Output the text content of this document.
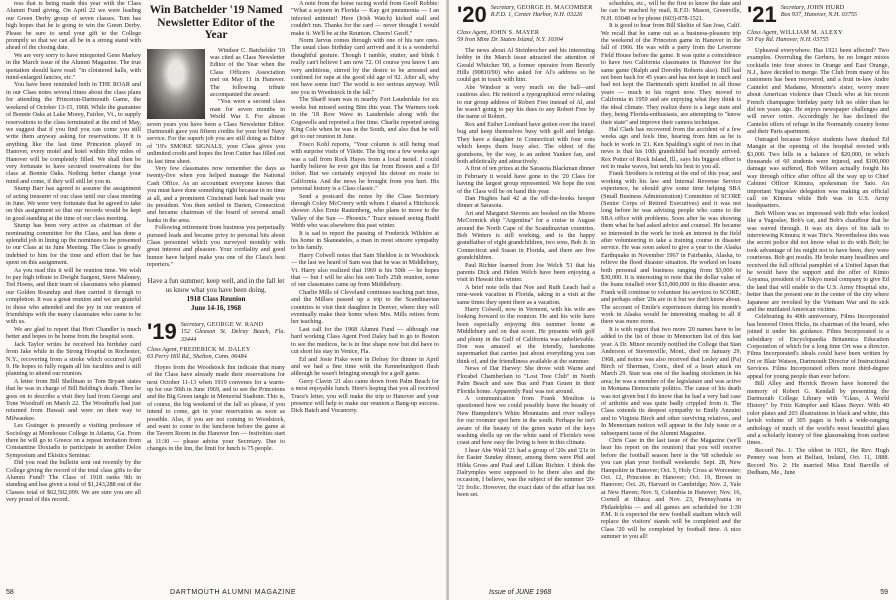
ress that is being made this year with the Class Alumni Fund giving. On April 22 we were leading our Green Derby group of seven classes. Tom has high hopes that he is going to win the Green Derby. Please be sure to send your gift to the College promptly so that we can all be in a strong stand with ahead of the closing date.

We are very sorry to have misquoted Gene Markey in the March issue of the Alumni Magazine. The true quotation should have read: "in cloistered halls, with mind-enlarged fancies, etc."

You have been reminded both in THE ROAR and in our Class notes several times about the class plans for attending the Princeton-Dartmouth Game, the weekend of October 13-15, 1968. While the guarantee of Bonnie Oaks at Lake Morey, Fairlee, Vt., to supply reservations to the class terminated at the end of May, we suggest that if you find you can come you still write them anyway asking for reservations. If it is anything like the last time Princeton played in Hanover, every motel and hotel within fifty miles of Hanover will be completely filled. We shall then be very fortunate to have secured reservations for the class at Bonnie Oaks. Nothing better change your mind and come, if they will still let you in.

Stump Barr has agreed to assume the assignment of acting treasurer of our class until our class meeting in June. We were very fortunate that he agreed to take on this assignment so that our records would be kept in good standing at the time of our class meeting.

Stump has been very active as chairman of the nominating committee for the Class, and has done a splendid job in lining up the nominees to be presented to our Class at its June Meeting. The Class is greatly indebted to him for the time and effort that he has spent on this assignment.

As you read this it will be reunion time. We wish to pay high tribute to Dwight Sargent, Steve Maloney, Ted Hoens, and their team of classmates who planned our Golden Roundup and then carried it through to completion. It was a great reunion and we are grateful to those who attended and the joy in our reunion of friendships with the many classmates who came to be with us.

We are glad to report that Hort Chandler is much better and hopes to be home from the hospital soon.

Jack Taylor writes he received his birthday card from Jake while in the Strong Hospital in Rochester, N.Y., recovering from a stroke which occurred April 9. He hopes to fully regain all his faculties and is still planning to attend our reunion.

A letter from Bill Shellman to Tom Bryant states that he was in charge of Bill Belding's death. Then he goes on to describe a visit they had from George and Tone Woodruff on March 22. The Woodruffs had just returned from Hawaii and were on their way to Milwaukee.

Les Grainger is presently a visiting professor of Sociology at Morehouse College in Atlanta, Ga. From there he will go to Greece on a repeat invitation from Constantine Doxiadis to participate in another Delos Symposium and Ekistics Seminar.

Did you read the bulletin sent out recently by the College giving the record of the total class gifts to the Alumni Fund? The Class of 1918 ranks 9th in standing and has given a total of $1,243,288 out of the Classes total of $62,502,099. We are sure you are all very proud of this record.

Win Batchelder '19 Named Newsletter Editor of the Year

Windsor C. Batchelder '19 was cited as Class Newsletter Editor of the Year when the Class Officers Association met on May 11 in Hanover. The following tribute accompanied the award:

"You were a second class man for seven months in World War I. For almost seven years you have been a Class Newsletter Editor. Dartmouth gave you fifteen credits for your brief Navy service. For the superb job you are still doing as Editor of '19's SMOKE SIGNALS, your Class gives you unlimited credit and hopes the Iron Cutter has filled out its last time sheet.

Very few classmates now remember the days as twenty-five when you helped manage the National Cash Office. As an accountant everyone knows that you must have done something right because in no time at all, and a prominent Cincinnati bank had made you its president. You then settled in Darien, Connecticut and became chairman of the board of several small banks in the area.

Following retirement from business you perpetually pursued leads and became privy to personal bits about Class personnel which you surveyed monthly with great interest and pleasure. Your cordiality and good humor have helped make you one of the Class's best reporters."

Have a fun summer; keep well, and in the fall let us know what you have been doing.
1918 Class Reunion
June 14-16, 1968
'19 Secretary, GEORGE W. RAND
152 Gleason St. Delray Beach, Fla. 33444
Class Agent, FREDERICK M. DALEY
63 Perry Hill Rd., Shelton, Conn. 06484

Hoyes from the Woodstock Inn indicate that many of the Class have already made their reservations for next October 11-13 when 1919 convenes for a warm-up for our 50th in June 1969, and to see the Princetons and the Big Green tangle in Memorial Stadium. This is, of course, the big weekend of the fall so please, if you intend to come, get in your reservation as soon as possible. Also, if you are not coming to Woodstock, and want to come to the luncheon before the game at the Tavern Room in the Hanover Inn — festivities start at 11:30 — please advise your Secretary. Due to changes in the Inn, the limit for lunch is 75 people.

A note from the horse racing world from Geoff Robbie: "What a sojourn in Florida — Kay got pneumonia — I an infected antimini! Here (Irish Watch) kicked stall and couldn't run. Thanks for the card — never thought I would make it. We'll be at the Reunion. Cheers! Geoff."

Norm Jarvus comes through with one of his rare ones. The usual class birthday card arrived and it is a wonderful thoughtful gesture. Though I ramble, stutter, and blink I really can't believe I am now 72. Of course you know I am very ambitious, stirred by the desire to be arrested and confined for rape at the good old age of 92. After all, why not have some fun? The world is too serious anyway. Will see you in Woodstock in the fall."

The Sharff team was in nearby Fort Lauderdale for six weeks but missed seeing Bim this year. The Warners took in the '18 Row Wave in Lauderdale along with the Cogswells and reported a fine time. Charlie reported seeing King Cole when he was in the South, and also that he will get to our reunion in June.

Fosco Kohl reports, "Your column is still being read with surprise visits of Vilette. The big one a few weeks ago was a call from Rock Hayes from a local motel. I could hardly believe he ever got this far from Boston and a DJ ticker. But we certainly enjoyed his detour en route to California. And the news he brought from you hurt. His personal history is a Class classic."

Send a postcard the notes by the Class Secretary through Coley McCreery with whom I shared a Hitchcock shower. Also Ernie Rautenberg, who plans to move to the Valley of the Sun — Phoenix." Trace missed seeing Budd Webb who was elsewhere this past winter.

It is sad to report the passing of Frederick Wilshire at his home in Skaneateles, a man in most sincere sympathy to his family.

Harry Colwell notes that Sam Sheldon is in Woodstock — the last we heard of Sam was that he was in Middlebury, Vt. Harry also realized that 1969 is his 50th — he hopes that — but I will be also his son Ted's 25th reunion, some of our classmates came up from Middlebury.

Charlie Mills of Cleveland continues teaching part time, and the Millses passed up a trip to the Scandinavian countries to visit their daughter in Denver, where they will eventually make their home when Mrs. Mills retires from her teaching.

Last call for the 1968 Alumni Fund — although our hard working Class Agent Fred Daley had to go to Boston to see the medicos, he is in fine shape now but did have to cut short his stay in Venice, Fla.

Ed and Josie Fiske were in Delray for dinner in April and we had a fine time with the Kennebunkport flush although he wasn't bringing enough for a golf game.

Gerry Clavin '21 also came down from Palm Beach for a most enjoyable lunch. Here's hoping that you all received Trace's letter, you will make the trip to Hanover and your presence will help to make our reunion a Bang-up success. Dick Batch and Vocanorry.

58	DARTMOUTH ALUMNI MAGAZINE
'20 Secretary, GEORGE H. MACOMBER
R.F.D. 1, Center Harbor, N.H. 03226
Class Agent, JOHN S. MAYER
59 Iron Mine Dr. Staten Island, N.Y. 10304

The news about Al Steinbrecher and his interesting hobby in the March issue attracted the attention of Gerald Whitcher '00, a former operator from Beverly Hills (90810/90) who asked for Al's address so he could get in touch with him.

Abe Windsor is very much on the ball—and cautious also. He noticed a typographical error relating to our group address of Robert Free instead of Al, and he wasn't going to pay his dues to any Robert Free by the name of Robert.

Rex and Esther Lombard have gotten over the travel bug and keep themselves busy with golf and bridge. They have a daughter in Connecticut with four sons which keeps them busy also. The oldest of the grandsons, by the way, is an ardent Yankee fan, and both athletically and attractively.

A first of ten prizes at the Sarasota Blackman dinner in February it would have gone to the '20 Class for having the largest group represented. We hope the rest of the Class will be on hand this year.

Dan Hughes had 42 at the off-the-books hooper dinner at Sarasota.

Art and Margaret Stevens are booked on the Moore McCormick ship "Argentina" for a cruise in August around the North Cape of the Scandinavian countries. Bob Winters is still working, and is the happy grandfather of eight grandchildren, two sons, Bob Jr. in Connecticut and Susan in Florida, and there are five grandchildren.

Paul Richter learned from Joe Welch '51 that his parents Dick and Helen Welch have been enjoying a visit in Hawaii this winter.

A brief note tells that Noe and Ruth Leach had a nine-week vacation in Florida, taking in a visit at the same times they spent there as a vacation.

Harry Colwell, now in Vermont, with his wife are looking forward to the reunion. He and his wife have been especially enjoying this summer home at Middlebury and on that score. He presents with golf and plenty in the Gulf of California was unbelievable. Don was amazed at the friendly, handsome supermarket that carries just about everything you can think of, and the friendliness available at the summer.

News of Dar Harvey: She drove with Warne and Florabel Chamberlain to "Lost Tree Club" in North Palm Beach and saw Bus and Fran Gruen in their Florida home. Apparently Paul was not around.

A communication from Frank Moulton is questioned how we could possibly leave the beauty of New Hampshire's White Mountains and river valleys for our roomier spot here in the south. Perhaps he isn't aware of the beauty of the green water of the keys washing shells up on the white sand of Florida's west coast and how easy the living is here in this climate.

I hear Abe Weld '21 had a group of '20s and '21s in for Easter Sunday dinner, among them were Phil and Hilda Gross and Paul and Lillian Richter. I think the Dalrymples were supposed to be there also and the occasion, I believe, was the subject of the summer '20-'21 frolic. However, the exact date of the affair has not been set.

schedules, etc., will be the first to know the date and he can be reached by mail, R.F.D. Mason, Greenville, N.H. 03048 or by phone (603)-878-1521.

It is good to hear from Bill Skeltie of San Jose, Calif. We recall that he came out as a business-pleasure trip the weekend of the Princeton game in Hanover in the fall of 1966. He was with a party from the Leverone Field House before the game. It was quite a coincidence to have two California classmates in Hanover for the same game (Ralph and Dorothy Roberts also). Bill had not been back for 45 years and has not kept in touch and had not kept the Dartmouth spirit kindled in all those years — much to his regret now. They moved to California in 1959 and are enjoying what they think is the ideal climate. They realize there is a large state and they, being Florida-enthusiasts, are attempting to "know their state" and improve their camera technique.

Hal Clark has recovered from the accident of a few weeks ago and feels fine, hearing from him as he is back to work in '21. Ken Spalding's sight of two in that news is that his 10th grandchild had recently arrived. Rex Potter of Rock Island, Ill., says his biggest effort is not to make waves, but sends his best to you all.

Frank Strothers is retiring at the end of this year, and working with his law and Internal Revenue Service experience, he should give some time helping SBA (Small Business Administration) Committee of SCORE (Senior Corps of Retired Executives) and it was not long before he was advising people who came to the SBA office with problems. Soon after he was showing them what he had asked advice and counsel. He became so interested in the work he took an interest in the field after volunteering to take a training course in disaster service. He was soon asked to give a year to the Alaska Earthquake in November 1967 in Fairbanks, Alaska, to relieve the flood disaster situation. He worked on loans both personal and business ranging from $3,000 to $30,000. It is interesting to note that the dollar value of the loans totalled over $15,000,000 in this disaster area. Frank will continue to volunteer his services to SCORE, and perhaps other '20s are in it but we don't know about. The account of Emile's experiences during his month's work in Alaska would be interesting reading to all if there was more room.

It is with regret that two more '20 names have to be added to the list of those in Memorium list of this last year. A Dr. Minor recently notified the College that Stan Anderson of Stevensville, Mont., died on January 29, 1968, and notice was also received that Lesley and (Pa) Birch of Sherman, Conn., died of a heart attack on March 29. Stan was one of the leading stockmen in his area; he was a member of the legislature and was active in Montana Democratic politics. The cause of his death was not given but I do know that he had a very bad case of arthritis and was quite badly crippled from it. The Class extends its deepest sympathy to Emily Anzuini and to Virginia Birch and other surviving relatives, and In Memoriam notices will appear in the July issue or a subsequent issue of the Alumni Magazine.

Chris Case in the last issue of the Magazine (we'll hear his report on the reunion) that you will receive before the football season here is the '68 schedule so you can plan your football weekends: Sept. 28, New Hampshire in Hanover; Oct. 5, Holy Cross at Worcester; Oct. 12, Princeton in Hanover; Oct. 19, Brown in Hanover; Oct. 26, Harvard in Cambridge; Nov. 2, Yale at New Haven; Nov. 9, Columbia in Hanover; Nov. 16, Cornell at Ithaca; and Nov. 23, Pennsylvania in Philadelphia — and all games are scheduled for 1:30 P.M. It is expected the new football stadium which will replace the visitors' stands will be completed and the Class '20 will be completed by football time. A nice summer to you all!

'21 Secretary, JOHN HURD
Box 937, Hanover, N.H. 03755
Class Agent, WILLIAM M. ALEXY
50 Fay Rd. Hanover, N.H. 03755

Upheaval everywhere. Has 1921 been affected? Two examples. Overruling the Gerbers, he no longer mixes cocktails into four stores in Orange and East Orange, N.J., have decided to merge. The Club from many of his customers has been recovered, and a fruit in-law Andre Cantelot and Madame, Monette's sister, worry more about American violence than Chuck who at his recent French champagne birthday party felt no older than he did ten years ago. He enjoys newspaper challenges and will never retire. Accordingly he has declined the Cantelot offers of refuge in the Normandy country home and their Paris apartment.

Outraged because Tokyo students have dunked Ed Mangin at the opening of the hospital erected with $3,000. Two bills in a balance of $20,000, in which thousands of 60 students were injured, and $100,000 damage was suffered, Bob Wilson actually fought his way through office after office all the way up to Chief Cabinet Officer Kimura, spokesman for Sato. An important Yugoslav delegation was making an official call on Kimura while Bob was in U.S. Army headquarters.

Bob Wilson was so impressed with Bob who looked like a Yugoslav, Bob's car, and Bob's chauffeur that he was waved through. It was six days of his talk to interviewing Kimura; it was Tito's. Nevertheless this was the secret police did not know what to do with Bob; he took advantage of his might not to have been, they were courteous. Bob got results. He broke many headlines and received the full official pamphlet of a United Japan that he would have the support and the offer of Kimio Aoyama, president of a Tokyo metal company to give Ed the land that will enable to the U.S. Army Hospital site, better than the present one in the center of the city where Japanese are revolted by the Vietnam War and its sick and the mutilated American victims.

Celebrating its 40th anniversary, Films Incorporated has honored Orton Hicks, its chairman of the board, who joined it under his guidance. Films Incorporated is a subsidiary of Encyclopaedia Britannica Education Corporation of which for a long time Ort was a director. Films Incorporated's ideals could have been written by Ort or Blair Watson, Dartmouth Director of Instructional Services. Films Incorporated offers more third-degree appeal for young people than ever before.

Bill Alley and Herrick Brown have honored the memory of Robert G. Kendall by presenting the Dartmouth College Library with "Glass, A World History" by Fritz Kämpfer and Klaus Beyer. With 40 color plates and 203 illustrations in black and white, this lavish volume of 305 pages is both a wide-ranging anthology of much of the world's most beautiful glass and a scholarly history of fine glassmaking from earliest times.

Record No. 1: The oldest in 1921, the Rev. Hugh Penney was born at Belfast, Ireland, Oct. 11, 1888. Record No. 2: He married Miss Enid Barville of Dedham, Me., June

Issue of JUNE 1968	59
